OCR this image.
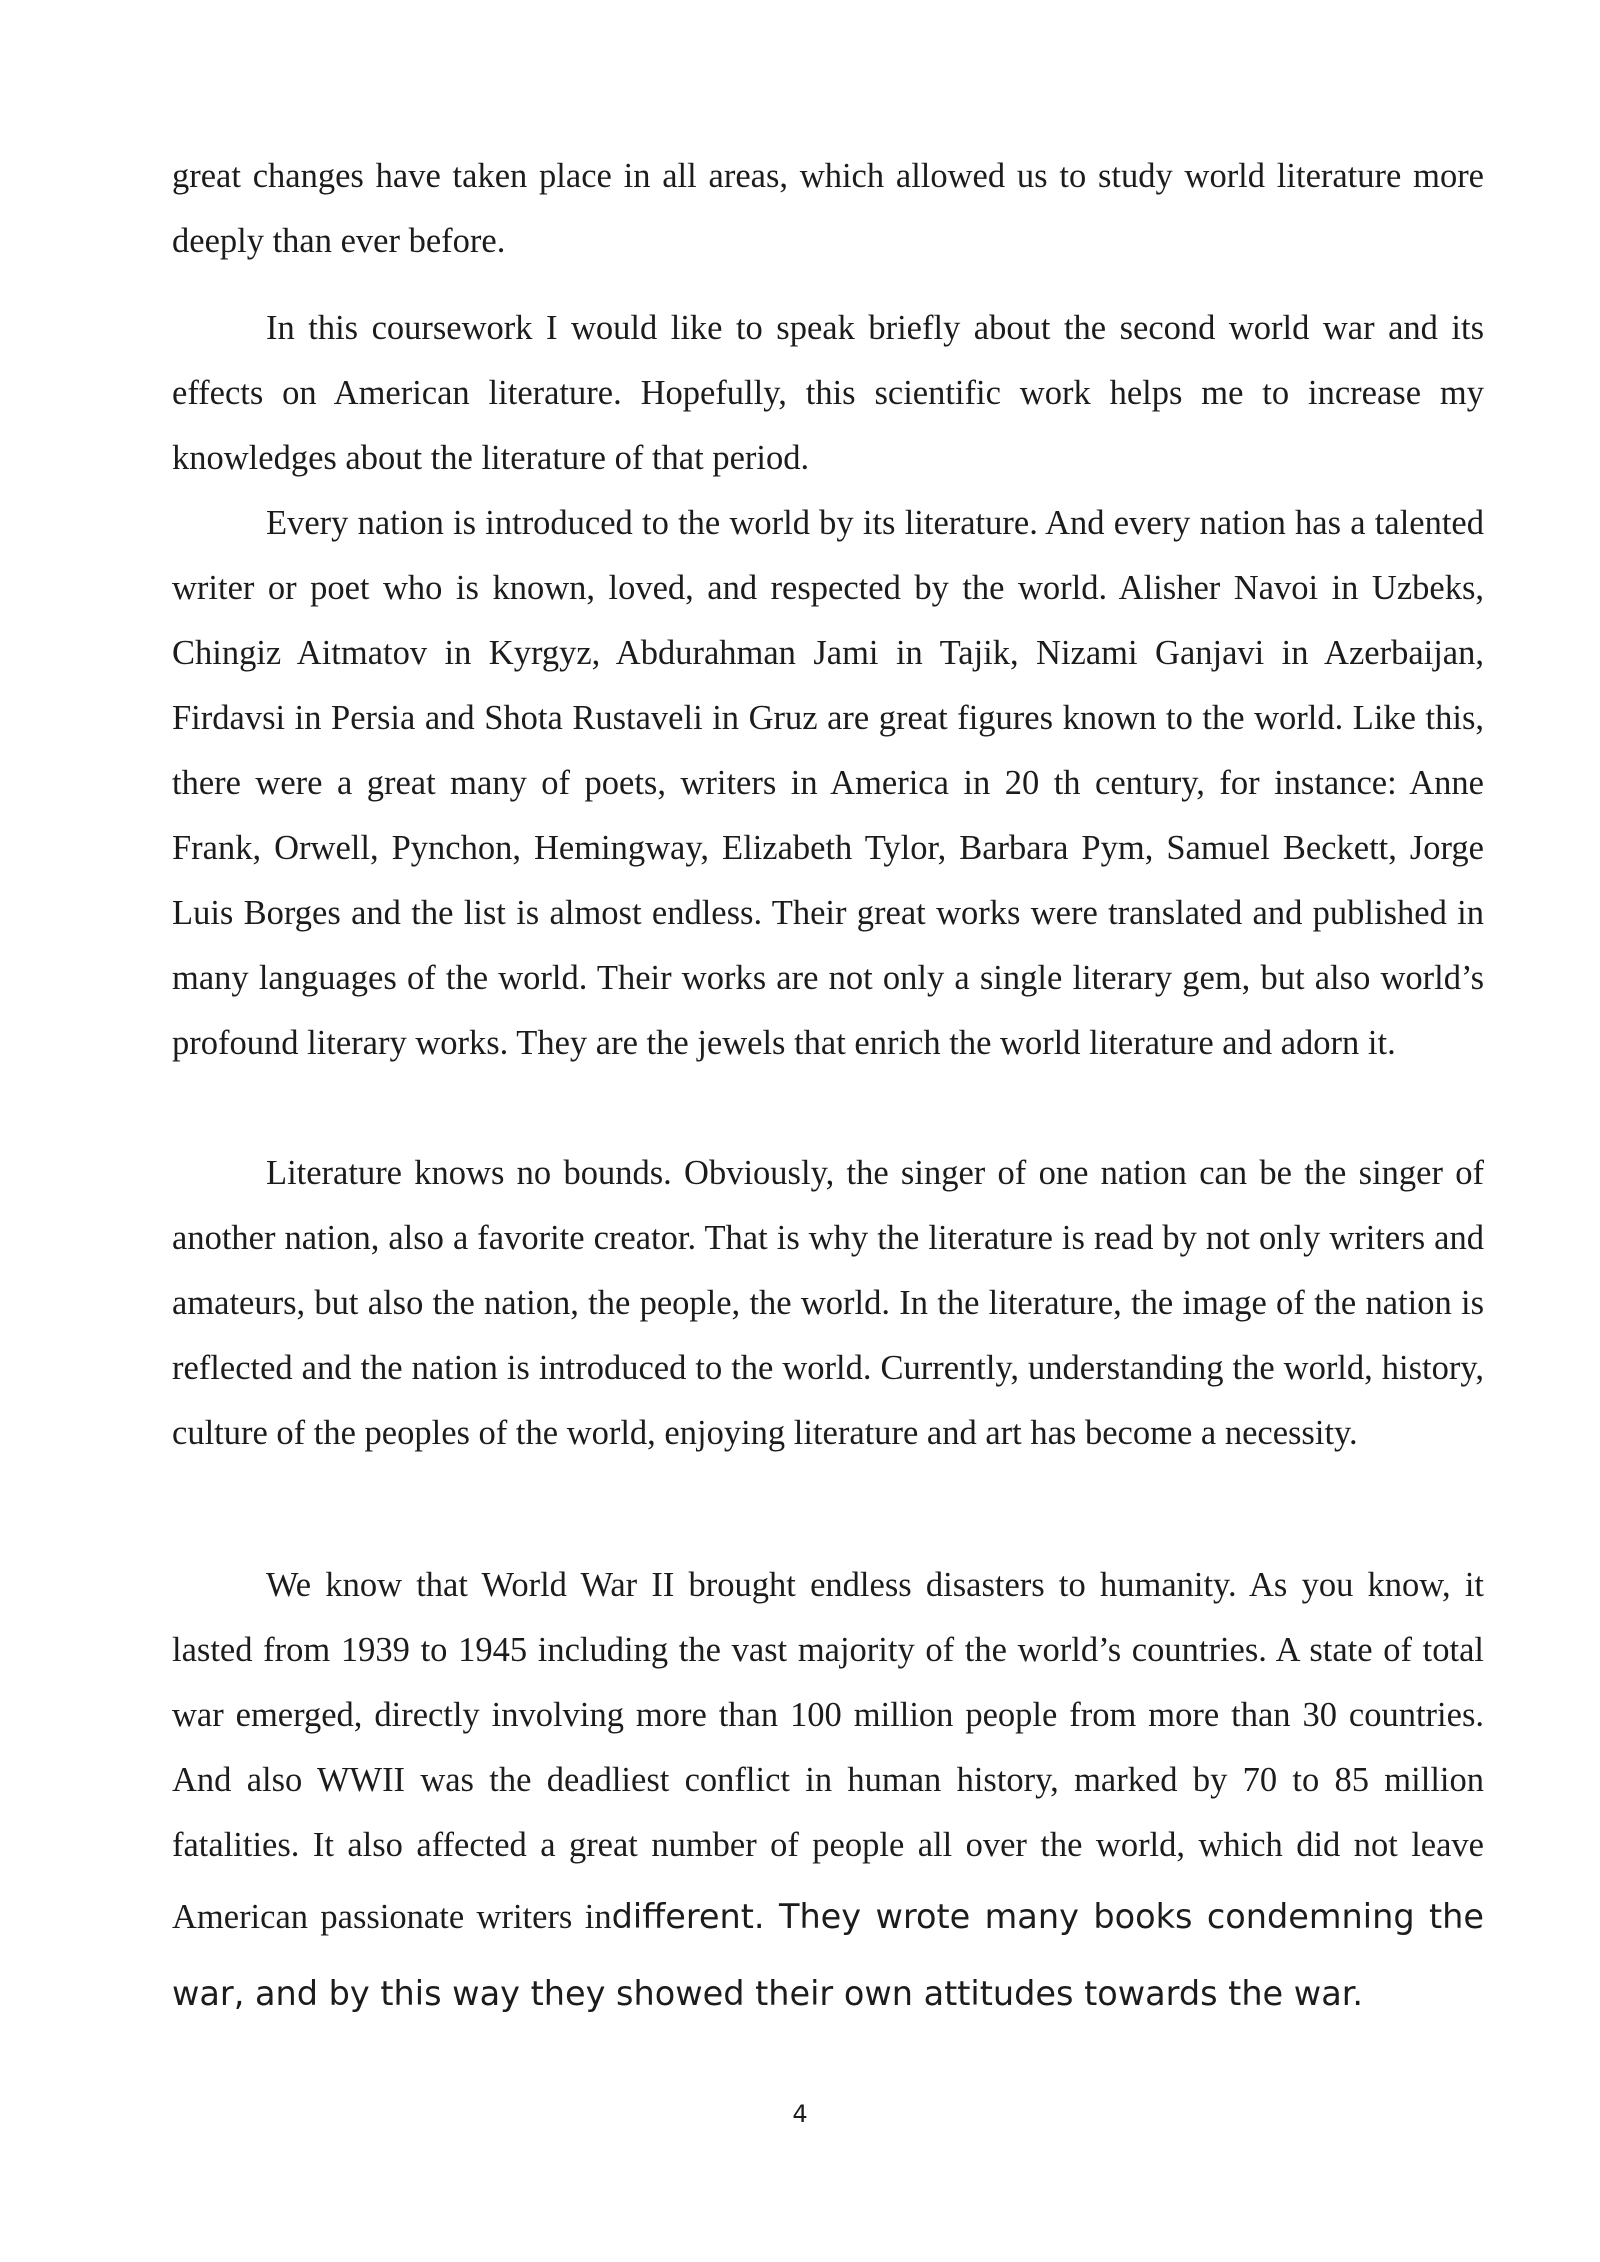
great changes have taken place in all areas, which allowed us to study world literature more deeply than ever before.

In this coursework I would like to speak briefly about the second world war and its effects on American literature. Hopefully, this scientific work helps me to increase my knowledges about the literature of that period.

Every nation is introduced to the world by its literature. And every nation has a talented writer or poet who is known, loved, and respected by the world. Alisher Navoi in Uzbeks, Chingiz Aitmatov in Kyrgyz, Abdurahman Jami in Tajik, Nizami Ganjavi in Azerbaijan, Firdavsi in Persia and Shota Rustaveli in Gruz are great figures known to the world. Like this, there were a great many of poets, writers in America in 20 th century, for instance: Anne Frank, Orwell, Pynchon, Hemingway, Elizabeth Tylor, Barbara Pym, Samuel Beckett, Jorge Luis Borges and the list is almost endless. Their great works were translated and published in many languages of the world. Their works are not only a single literary gem, but also world’s profound literary works. They are the jewels that enrich the world literature and adorn it.

Literature knows no bounds. Obviously, the singer of one nation can be the singer of another nation, also a favorite creator. That is why the literature is read by not only writers and amateurs, but also the nation, the people, the world. In the literature, the image of the nation is reflected and the nation is introduced to the world. Currently, understanding the world, history, culture of the peoples of the world, enjoying literature and art has become a necessity.

We know that World War II brought endless disasters to humanity. As you know, it lasted from 1939 to 1945 including the vast majority of the world’s countries. A state of total war emerged, directly involving more than 100 million people from more than 30 countries. And also WWII was the deadliest conflict in human history, marked by 70 to 85 million fatalities. It also affected a great number of people all over the world, which did not leave American passionate writers indifferent. They wrote many books condemning the war, and by this way they showed their own attitudes towards the war.

4
